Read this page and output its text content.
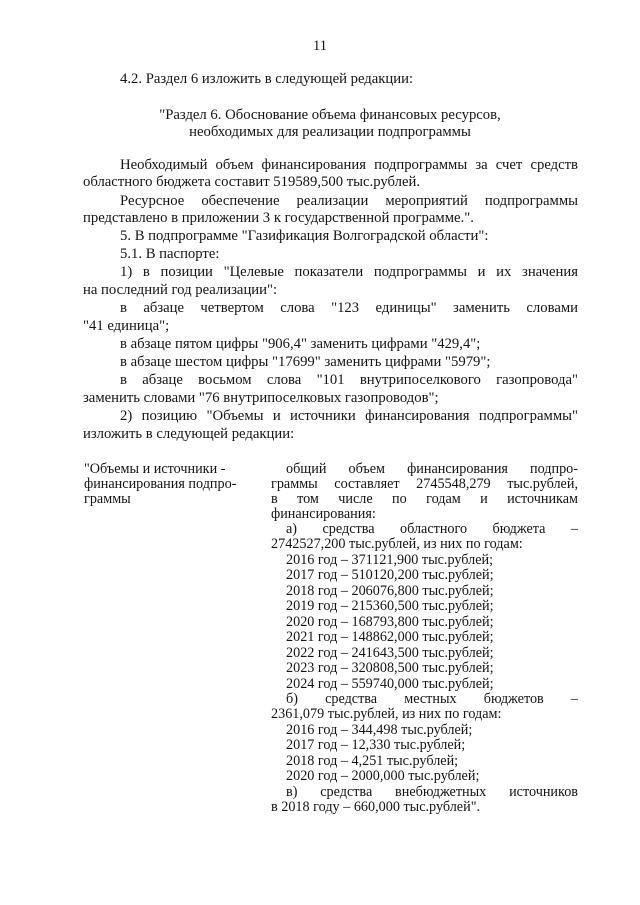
11
4.2. Раздел 6 изложить в следующей редакции:
"Раздел 6. Обоснование объема финансовых ресурсов,
необходимых для реализации подпрограммы
Необходимый объем финансирования подпрограммы за счет средств
областного бюджета составит 519589,500 тыс.рублей.
Ресурсное обеспечение реализации мероприятий подпрограммы
представлено в приложении 3 к государственной программе.".
5. В подпрограмме "Газификация Волгоградской области":
5.1. В паспорте:
1) в позиции "Целевые показатели подпрограммы и их значения
на последний год реализации":
в абзаце четвертом слова "123 единицы" заменить словами
"41 единица";
в абзаце пятом цифры "906,4" заменить цифрами "429,4";
в абзаце шестом цифры "17699" заменить цифрами "5979";
в абзаце восьмом слова "101 внутрипоселкового газопровода"
заменить словами "76 внутрипоселковых газопроводов";
2) позицию "Объемы и источники финансирования подпрограммы"
изложить в следующей редакции:
"Объемы и источники -
финансирования подпро-
граммы
общий объем финансирования подпро-
граммы составляет 2745548,279 тыс.рублей,
в том числе по годам и источникам
финансирования:
а) средства областного бюджета –
2742527,200 тыс.рублей, из них по годам:
2016 год – 371121,900 тыс.рублей;
2017 год – 510120,200 тыс.рублей;
2018 год – 206076,800 тыс.рублей;
2019 год – 215360,500 тыс.рублей;
2020 год – 168793,800 тыс.рублей;
2021 год – 148862,000 тыс.рублей;
2022 год – 241643,500 тыс.рублей;
2023 год – 320808,500 тыс.рублей;
2024 год – 559740,000 тыс.рублей;
б) средства местных бюджетов –
2361,079 тыс.рублей, из них по годам:
2016 год – 344,498 тыс.рублей;
2017 год – 12,330 тыс.рублей;
2018 год – 4,251 тыс.рублей;
2020 год – 2000,000 тыс.рублей;
в) средства внебюджетных источников
в 2018 году – 660,000 тыс.рублей".
